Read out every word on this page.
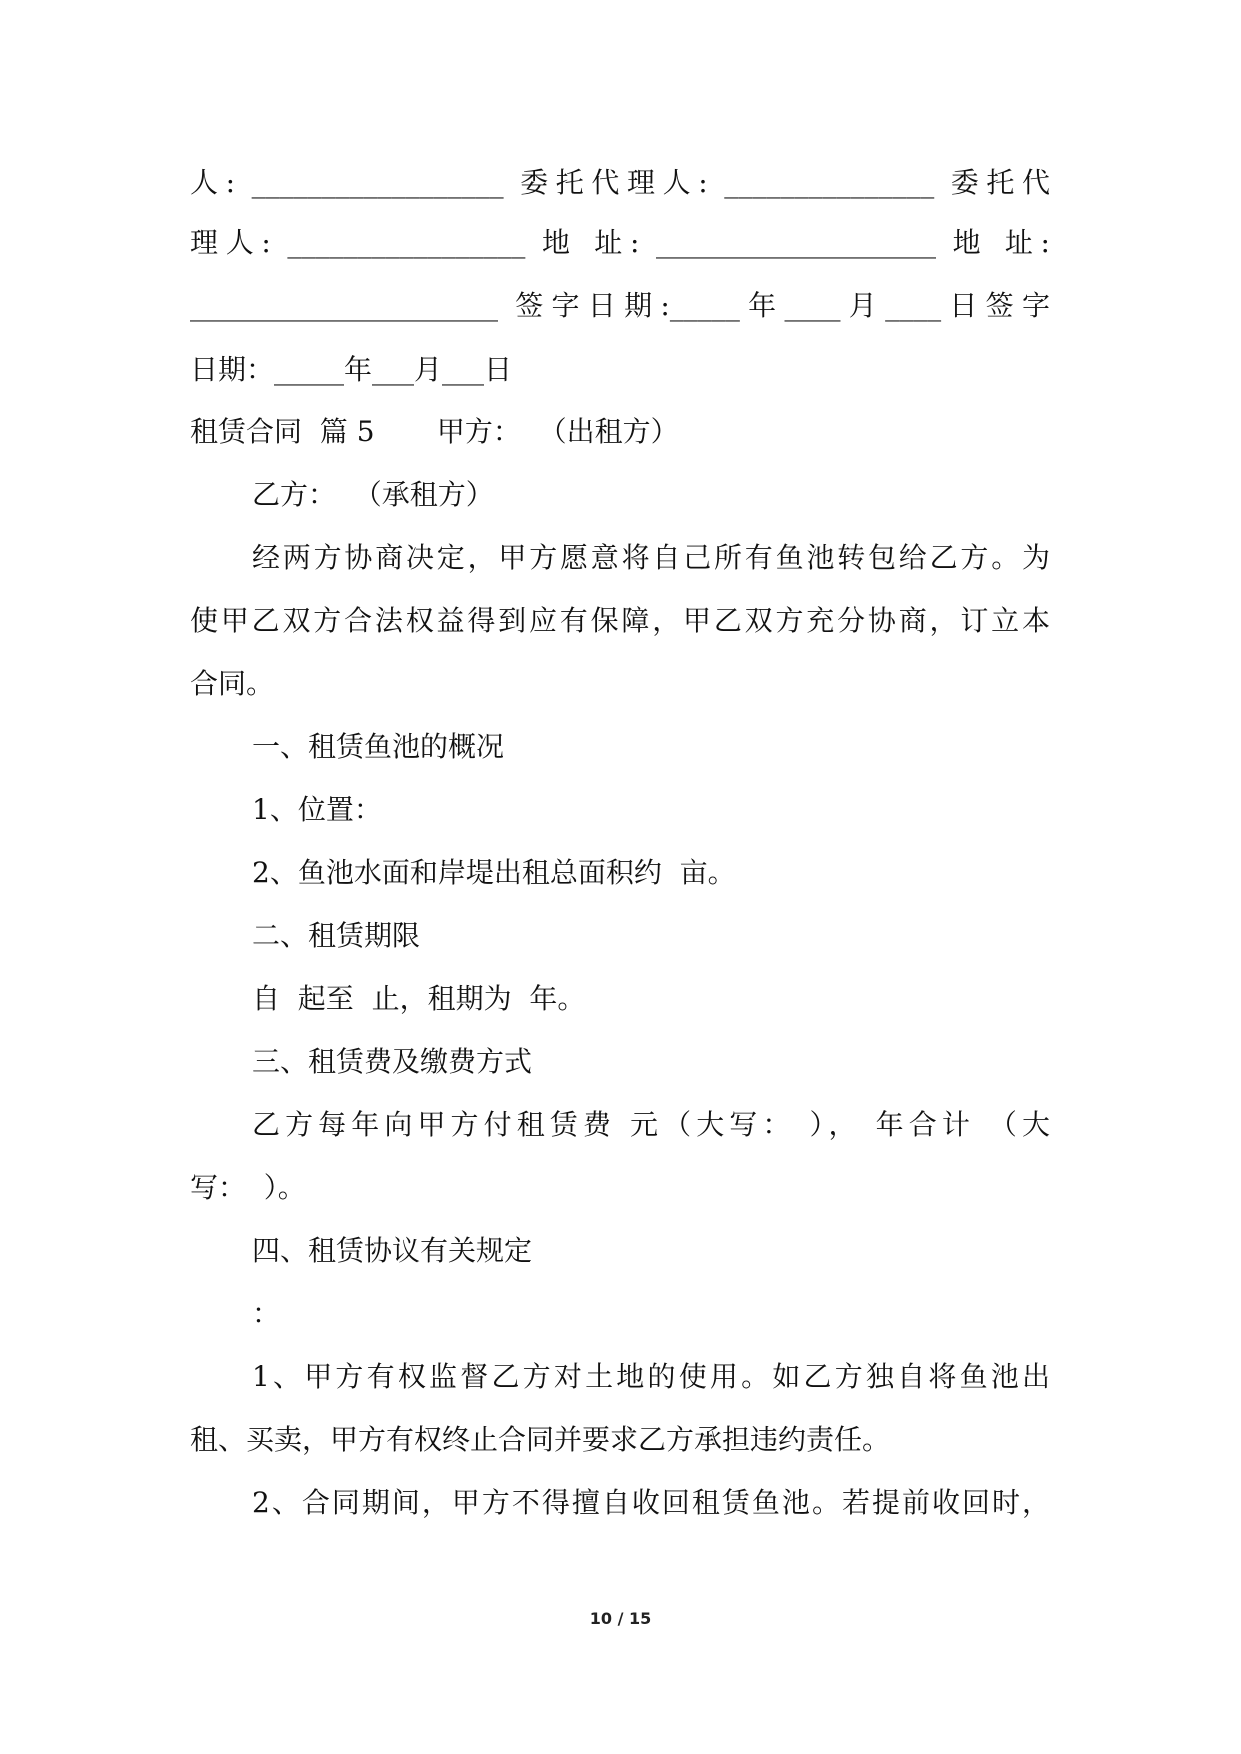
人: __________________ 委托代理人: _______________ 委托代

理人: _________________ 地 址: ____________________ 地 址:

______________________ 签字日期:_____年____月____日签字

日期：_____年___月___日

租赁合同  篇 5       甲方：  （出租方）

乙方：  （承租方）

经两方协商决定，甲方愿意将自己所有鱼池转包给乙方。为

使甲乙双方合法权益得到应有保障，甲乙双方充分协商，订立本

合同。

一、租赁鱼池的概况

1、位置：

2、鱼池水面和岸堤出租总面积约  亩。

二、租赁期限

自  起至  止，租期为  年。

三、租赁费及缴费方式

乙方每年向甲方付租赁费 元（大写： ）， 年合计 （大

写：  ）。

四、租赁协议有关规定

：

1、甲方有权监督乙方对土地的使用。如乙方独自将鱼池出

租、买卖，甲方有权终止合同并要求乙方承担违约责任。

2、合同期间，甲方不得擅自收回租赁鱼池。若提前收回时，

10 / 15
